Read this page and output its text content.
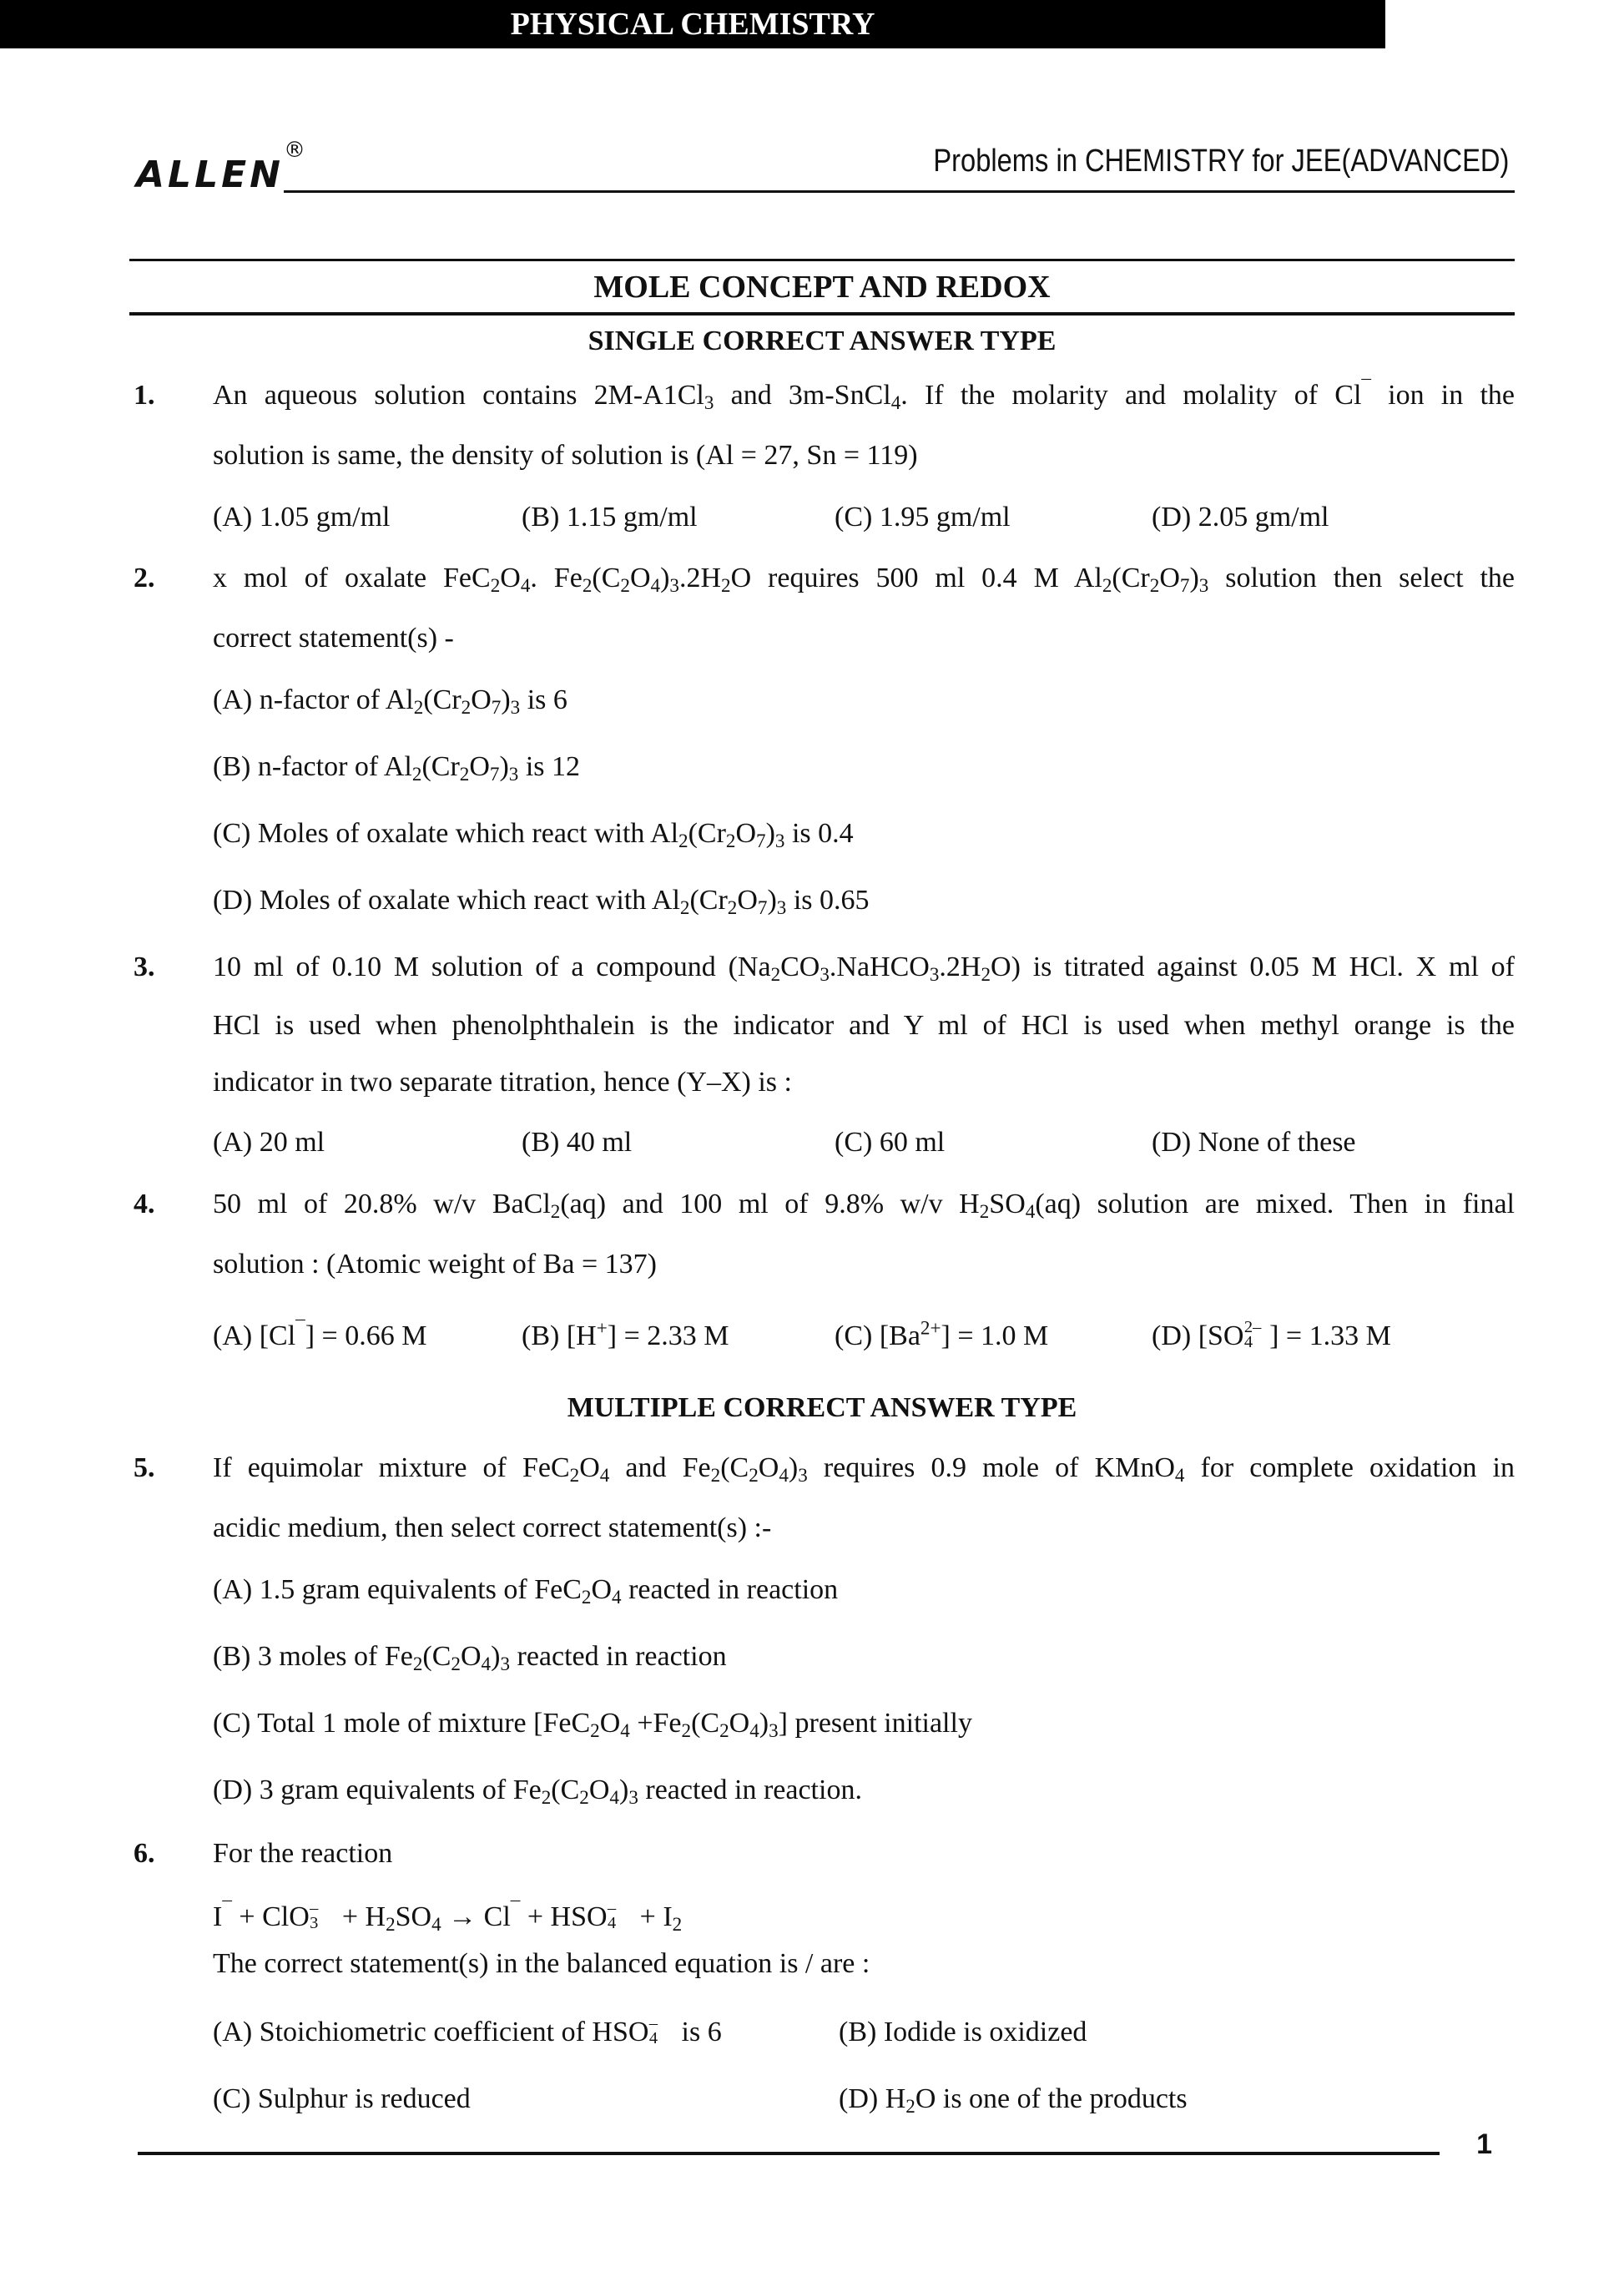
ALLEN®	Problems in CHEMISTRY for JEE(ADVANCED)
PHYSICAL CHEMISTRY
MOLE CONCEPT AND REDOX
SINGLE CORRECT ANSWER TYPE
1. An aqueous solution contains $2M-A1Cl_3$ and 3m-SnCl$_4$. If the molarity and molality of Cl¯ ion in the
solution is same, the density of solution is (Al = 27, Sn = 119)
(A) 1.05 gm/ml	(B) 1.15 gm/ml	(C) 1.95 gm/ml	(D) 2.05 gm/ml
2. x mol of oxalate $FeC_2O_4$. $Fe_2(C_2O_4)_3.2H_2O$ requires 500 ml 0.4 M $Al_2(Cr_2O_7)_3$ solution then select the
correct statement(s) -
(A) n-factor of $Al_2(Cr_2O_7)_3$ is 6
(B) n-factor of $Al_2(Cr_2O_7)_3$ is 12
(C) Moles of oxalate which react with $Al_2(Cr_2O_7)_3$ is 0.4
(D) Moles of oxalate which react with $Al_2(Cr_2O_7)_3$ is 0.65
3. 10 ml of 0.10 M solution of a compound $(Na_2CO_3.NaHCO_3.2H_2O)$ is titrated against 0.05 M HCl. X ml of
HCl is used when phenolphthalein is the indicator and Y ml of HCl is used when methyl orange is the
indicator in two separate titration, hence (Y–X) is :
(A) 20 ml	(B) 40 ml	(C) 60 ml	(D) None of these
4. 50 ml of 20.8% w/v BaCl$_2$(aq) and 100 ml of 9.8% w/v $H_2SO_4(aq)$ solution are mixed. Then in final
solution : (Atomic weight of Ba = 137)
(A) [Cl¯] = 0.66 M	(B) [H+] = 2.33 M	(C) $[Ba^{2+}] = 1.0$ M	(D) [SO 2–
4 ] = 1.33 M
MULTIPLE CORRECT ANSWER TYPE
5. If equimolar mixture of $FeC_2O_4$ and $Fe_2(C_2O_4)_3$ requires 0.9 mole of KMnO$_4$ for complete oxidation in
acidic medium, then select correct statement(s) :-
(A) 1.5 gram equivalents of $FeC_2O_4$ reacted in reaction
(B) 3 moles of $Fe_2(C_2O_4)_3$ reacted in reaction
(C) Total 1 mole of mixture $[FeC_2O_4 +Fe_2(C_2O_4)_3]$ present initially
(D) 3 gram equivalents of $Fe_2(C_2O_4)_3$ reacted in reaction.
6. For the reaction
I¯ + ClO –
$3 + H_2SO_4 \to Cl^¯$ + HSO –
$4 + I_2$
The correct statement(s) in the balanced equation is / are :
(A) Stoichiometric coefficient of HSO –
4 is 6	(B) Iodide is oxidized
(C) Sulphur is reduced	(D) $H_2O$ is one of the products
1
